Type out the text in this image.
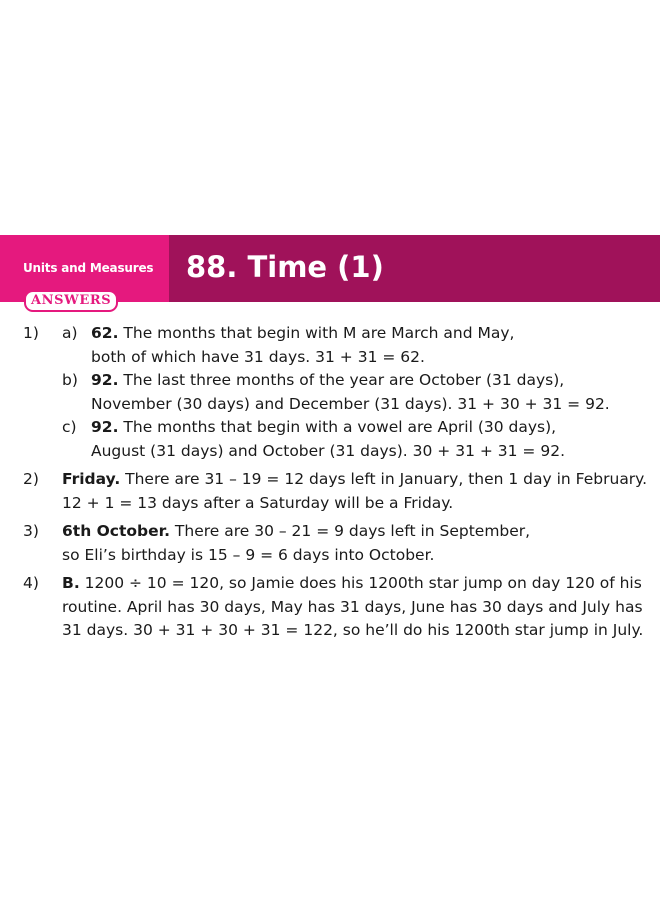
Units and Measures 88. Time (1)
ANSWERS
1) a) 62. The months that begin with M are March and May,
both of which have 31 days. 31 + 31 = 62.
b) 92. The last three months of the year are October (31 days),
November (30 days) and December (31 days). 31 + 30 + 31 = 92.
c) 92. The months that begin with a vowel are April (30 days),
August (31 days) and October (31 days). 30 + 31 + 31 = 92.
2) Friday. There are 31 – 19 = 12 days left in January, then 1 day in February.
12 + 1 = 13 days after a Saturday will be a Friday.
3) 6th October. There are 30 – 21 = 9 days left in September,
so Eli’s birthday is 15 – 9 = 6 days into October.
4) B. 1200 ÷ 10 = 120, so Jamie does his 1200th star jump on day 120 of his
routine. April has 30 days, May has 31 days, June has 30 days and July has
31 days. 30 + 31 + 30 + 31 = 122, so he’ll do his 1200th star jump in July.
